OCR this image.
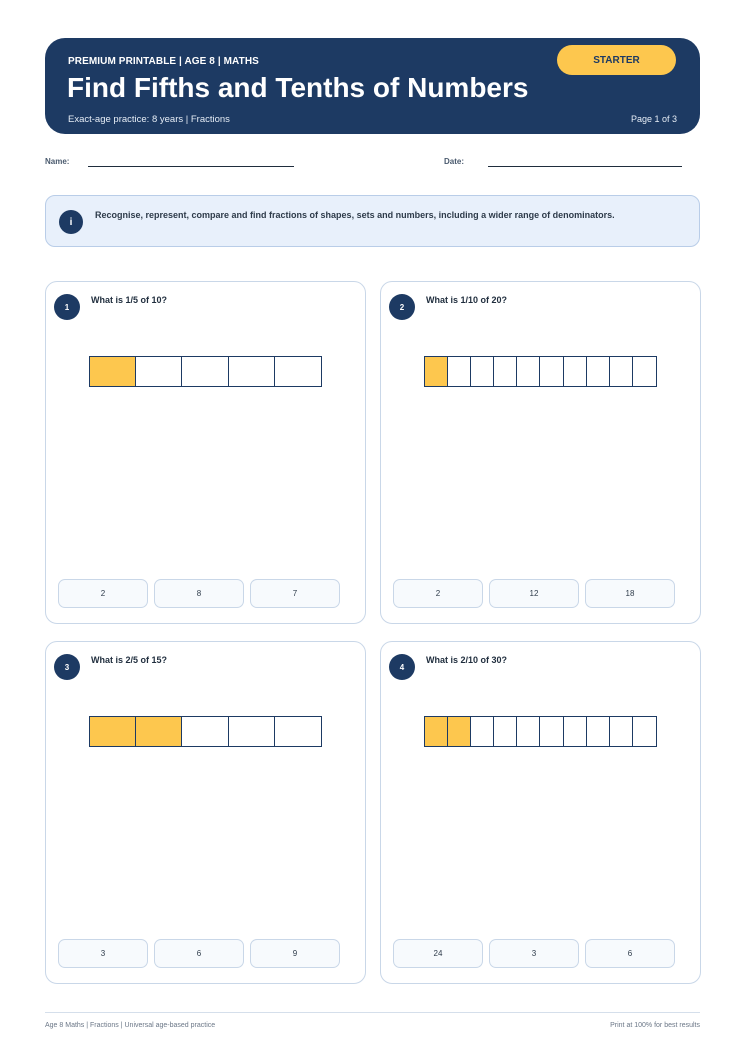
PREMIUM PRINTABLE | AGE 8 | MATHS
Find Fifths and Tenths of Numbers
Exact-age practice: 8 years | Fractions	Page 1 of 3
STARTER
Name:	Date:
i
Recognise, represent, compare and find fractions of shapes, sets and numbers, including a wider range of denominators.
1
What is 1/5 of 10?
2	8	7
2
What is 1/10 of 20?
2	12	18
3
What is 2/5 of 15?
3	6	9
4
What is 2/10 of 30?
24	3	6
Age 8 Maths | Fractions | Universal age-based practice	Print at 100% for best results
